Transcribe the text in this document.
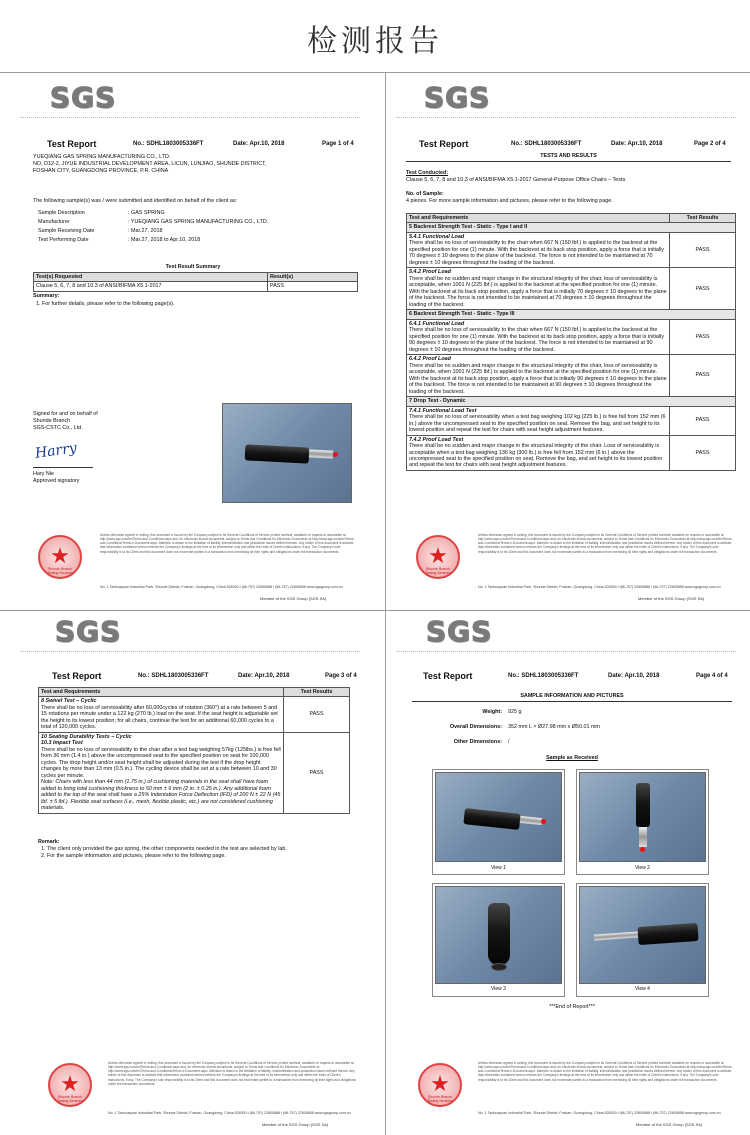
检测报告
SGS
Test Report	No.: SDHL1803005336FT	Date: Apr.10, 2018	Page 1 of 4
YUEQIANG GAS SPRING MANUFACTURING CO., LTD.
NO. D12-2, JIYUE INDUSTRIAL DEVELOPMENT AREA, LICUN, LUNJIAO, SHUNDE DISTRICT,
FOSHAN CITY, GUANGDONG PROVINCE, P.R. CHINA
The following sample(s) was / were submitted and identified on behalf of the client as:
Sample Description	: GAS SPRING
Manufacturer	: YUEQIANG GAS SPRING MANUFACTURING CO., LTD.
Sample Receiving Date	: Mar.27, 2018
Test Performing Date	: Mar.27, 2018 to Apr.10, 2018
Test Result Summary
Test(s) Requested	Result(s)
Clause 5, 6, 7, 8 and 10.3 of ANSI/BIFMA X5.1-2017	PASS
Summary:
1. For further details, please refer to the following page(s).
Signed for and on behalf of
Shunde Branch
SGS-CSTC Co., Ltd.
Harry
Hary Nie
Approved signatory
★
Shunde Branch Testing Services
Unless otherwise agreed in writing, this document is issued by the Company subject to its General Conditions of Service printed overleaf, available on request or accessible at http://www.sgs.com/en/Terms-and-Conditions.aspx and, for electronic format documents, subject to Terms and Conditions for Electronic Documents at http://www.sgs.com/en/Terms-and-Conditions/Terms-e-Document.aspx. Attention is drawn to the limitation of liability, indemnification and jurisdiction issues defined therein. Any holder of this document is advised that information contained hereon reflects the Company's findings at the time of its intervention only and within the limits of Client's instructions, if any. The Company's sole responsibility is to its Client and this document does not exonerate parties to a transaction from exercising all their rights and obligations under the transaction documents.
No. 1 Taohuayuan Industrial Park, Shunde District, Foshan, Guangdong, China 528300 t (86-757) 22805888 f (86-757) 22805858 www.sgsgroup.com.cn
Member of the SGS Group (SGS SA)
SGS
Test Report	No.: SDHL1803005336FT	Date: Apr.10, 2018	Page 2 of 4
TESTS AND RESULTS
Test Conducted:
Clause 5, 6, 7, 8 and 10.3 of ANSI/BIFMA X5.1-2017 General-Purpose Office Chairs – Tests.
No. of Sample:
4 pieces. For more sample information and pictures, please refer to the following page.
Test and Requirements	Test Results
5 Backrest Strength Test - Static - Type I and II	

5.4.1 Functional Load
There shall be no loss of serviceability to the chair when 667 N (150 lbf.) is applied to the backrest at the specified position for one (1) minute. With the backrest at its back stop position, apply a force that is initially 70 degrees ± 10 degrees to the plane of the backrest. The force is not intended to be maintained at 70 degrees ± 10 degrees throughout the loading of the backrest.	PASS

5.4.2 Proof Load
There shall be no sudden and major change in the structural integrity of the chair, loss of serviceability is acceptable, when 1001 N (225 lbf.) is applied to the backrest at the specified position for one (1) minute. With the backrest at its back stop position, apply a force that is initially 70 degrees ± 10 degrees to the plane of the backrest. The force is not intended to be maintained at 70 degrees ± 10 degrees throughout the loading of the backrest.	PASS
6 Backrest Strength Test - Static - Type III	

6.4.1 Functional Load
There shall be no loss of serviceability to the chair when 667 N (150 lbf.) is applied to the backrest at the specified position for one (1) minute. With the backrest at its back stop position, apply a force that is initially 90 degrees ± 10 degrees to the plane of the backrest. The force is not intended to be maintained at 90 degrees ± 10 degrees throughout the loading of the backrest.	PASS

6.4.2 Proof Load
There shall be no sudden and major change in the structural integrity of the chair, loss of serviceability is acceptable, when 1001 N (225 lbf.) is applied to the backrest at the specified position for one (1) minute. With the backrest at its back stop position, apply a force that is initially 90 degrees ± 10 degrees to the plane of the backrest. The force is not intended to be maintained at 90 degrees ± 10 degrees throughout the loading of the backrest.	PASS
7 Drop Test - Dynamic	

7.4.1 Functional Load Test
There shall be no loss of serviceability when a test bag weighing 102 kg (225 lb.) is free fall from 152 mm (6 in.) above the uncompressed seat to the specified position on seat. Remove the bag, and set height to its lowest position and repeat the test for chairs with seat height adjustment features.	PASS

7.4.2 Proof Load Test
There shall be no sudden and major change in the structural integrity of the chair. Loss of serviceability is acceptable when a test bag weighing 136 kg (300 lb.) is free fell from 152 mm (6 in.) above the uncompressed seat to the specified position on seat. Remove the bag, and set height to its lowest position and repeat the test for chairs with seat height adjustment features.	PASS
★
Shunde Branch Testing Services
Unless otherwise agreed in writing, this document is issued by the Company subject to its General Conditions of Service printed overleaf, available on request or accessible at http://www.sgs.com/en/Terms-and-Conditions.aspx and, for electronic format documents, subject to Terms and Conditions for Electronic Documents at http://www.sgs.com/en/Terms-and-Conditions/Terms-e-Document.aspx. Attention is drawn to the limitation of liability, indemnification and jurisdiction issues defined therein. Any holder of this document is advised that information contained hereon reflects the Company's findings at the time of its intervention only and within the limits of Client's instructions, if any. The Company's sole responsibility is to its Client and this document does not exonerate parties to a transaction from exercising all their rights and obligations under the transaction documents.
No. 1 Taohuayuan Industrial Park, Shunde District, Foshan, Guangdong, China 528300 t (86-757) 22805888 f (86-757) 22805858 www.sgsgroup.com.cn
Member of the SGS Group (SGS SA)
SGS
Test Report	No.: SDHL1803005336FT	Date: Apr.10, 2018	Page 3 of 4
Test and Requirements	Test Results

8 Swivel Test – Cyclic
There shall be no loss of serviceability after 60,000cycles of rotation (360°) at a rate between 5 and 15 rotations per minute under a 122 kg (270 lb.) load on the seat. If the seat height is adjustable set the height to its lowest position; for all chairs, continue the test for an additional 60,000 cycles to a total of 120,000 cycles.	PASS

10 Seating Durability Tests – Cyclic
10.3 Impact Test
There shall be no loss of serviceability to the chair after a test bag weighing 57kg (125lbs.) is free fell from 36 mm (1.4 in.) above the uncompressed seat to the specified position on seat for 100,000 cycles. The drop height and/or seat height shall be adjusted during the test if the drop height changes by more than 13 mm (0.5 in.). The cycling device shall be set at a rate between 10 and 30 cycles per minute.
Note: Chairs with less than 44 mm (1.75 in.) of cushioning materials in the seat shall have foam added to bring total cushioning thickness to 50 mm ± 6 mm (2 in. ± 0.25 in.). Any additional foam added to the top of the seat shall have a 25% Indentation Force Deflection (IFD) of 200 N ± 22 N (45 lbf. ± 5 lbf.). Flexible seat surfaces (i.e., mesh, flexible plastic, etc.) are not considered cushioning materials.	PASS
Remark:
1. The client only provided the gas spring, the other components needed in the test are selected by lab.
2. For the sample information and pictures, please refer to the following page.
★
Shunde Branch Testing Services
Unless otherwise agreed in writing, this document is issued by the Company subject to its General Conditions of Service printed overleaf, available on request or accessible at http://www.sgs.com/en/Terms-and-Conditions.aspx and, for electronic format documents, subject to Terms and Conditions for Electronic Documents at http://www.sgs.com/en/Terms-and-Conditions/Terms-e-Document.aspx. Attention is drawn to the limitation of liability, indemnification and jurisdiction issues defined therein. Any holder of this document is advised that information contained hereon reflects the Company's findings at the time of its intervention only and within the limits of Client's instructions, if any. The Company's sole responsibility is to its Client and this document does not exonerate parties to a transaction from exercising all their rights and obligations under the transaction documents.
No. 1 Taohuayuan Industrial Park, Shunde District, Foshan, Guangdong, China 528300 t (86-757) 22805888 f (86-757) 22805858 www.sgsgroup.com.cn
Member of the SGS Group (SGS SA)
SGS
Test Report	No.: SDHL1803005336FT	Date: Apr.10, 2018	Page 4 of 4
SAMPLE INFORMATION AND PICTURES
Weight: 925 g
Overall Dimensions: 352 mm L × Ø27.98 mm x Ø50.01 mm
Other Dimensions: /
Sample as Received
View 1	View 2
View 3	View 4
***End of Report***
★
Shunde Branch Testing Services
Unless otherwise agreed in writing, this document is issued by the Company subject to its General Conditions of Service printed overleaf, available on request or accessible at http://www.sgs.com/en/Terms-and-Conditions.aspx and, for electronic format documents, subject to Terms and Conditions for Electronic Documents at http://www.sgs.com/en/Terms-and-Conditions/Terms-e-Document.aspx. Attention is drawn to the limitation of liability, indemnification and jurisdiction issues defined therein. Any holder of this document is advised that information contained hereon reflects the Company's findings at the time of its intervention only and within the limits of Client's instructions, if any. The Company's sole responsibility is to its Client and this document does not exonerate parties to a transaction from exercising all their rights and obligations under the transaction documents.
No. 1 Taohuayuan Industrial Park, Shunde District, Foshan, Guangdong, China 528300 t (86-757) 22805888 f (86-757) 22805858 www.sgsgroup.com.cn
Member of the SGS Group (SGS SA)
